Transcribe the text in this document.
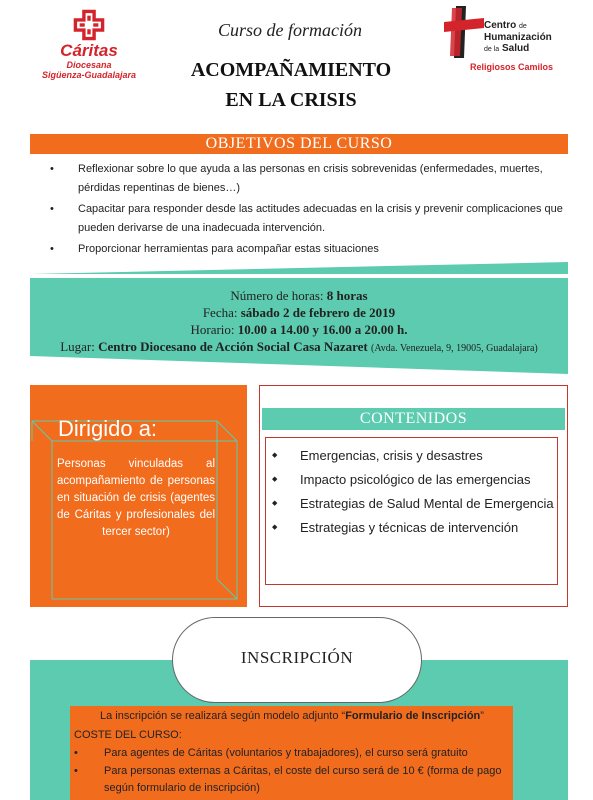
Cáritas
Diocesana
Sigüenza-Guadalajara
Curso de formación
ACOMPAÑAMIENTO
EN LA CRISIS
Centro de
Humanización
de la Salud
Religiosos Camilos
OBJETIVOS DEL CURSO
• Reflexionar sobre lo que ayuda a las personas en crisis sobrevenidas (enfermedades, muertes, pérdidas repentinas de bienes…)
• Capacitar para responder desde las actitudes adecuadas en la crisis y prevenir complicaciones que pueden derivarse de una inadecuada intervención.
• Proporcionar herramientas para acompañar estas situaciones
Número de horas: 8 horas
Fecha: sábado 2 de febrero de 2019
Horario: 10.00 a 14.00 y 16.00 a 20.00 h.
Lugar: Centro Diocesano de Acción Social Casa Nazaret (Avda. Venezuela, 9, 19005, Guadalajara)
Dirigido a:
Personas vinculadas al acompañamiento de personas en situación de crisis (agentes de Cáritas y profesionales del tercer sector)
CONTENIDOS
◆ Emergencias, crisis y desastres
◆ Impacto psicológico de las emergencias
◆ Estrategias de Salud Mental de Emergencia
◆ Estrategias y técnicas de intervención
INSCRIPCIÓN
La inscripción se realizará según modelo adjunto “Formulario de Inscripción”
COSTE DEL CURSO:
• Para agentes de Cáritas (voluntarios y trabajadores), el curso será gratuito
• Para personas externas a Cáritas, el coste del curso será de 10 € (forma de pago según formulario de inscripción)
